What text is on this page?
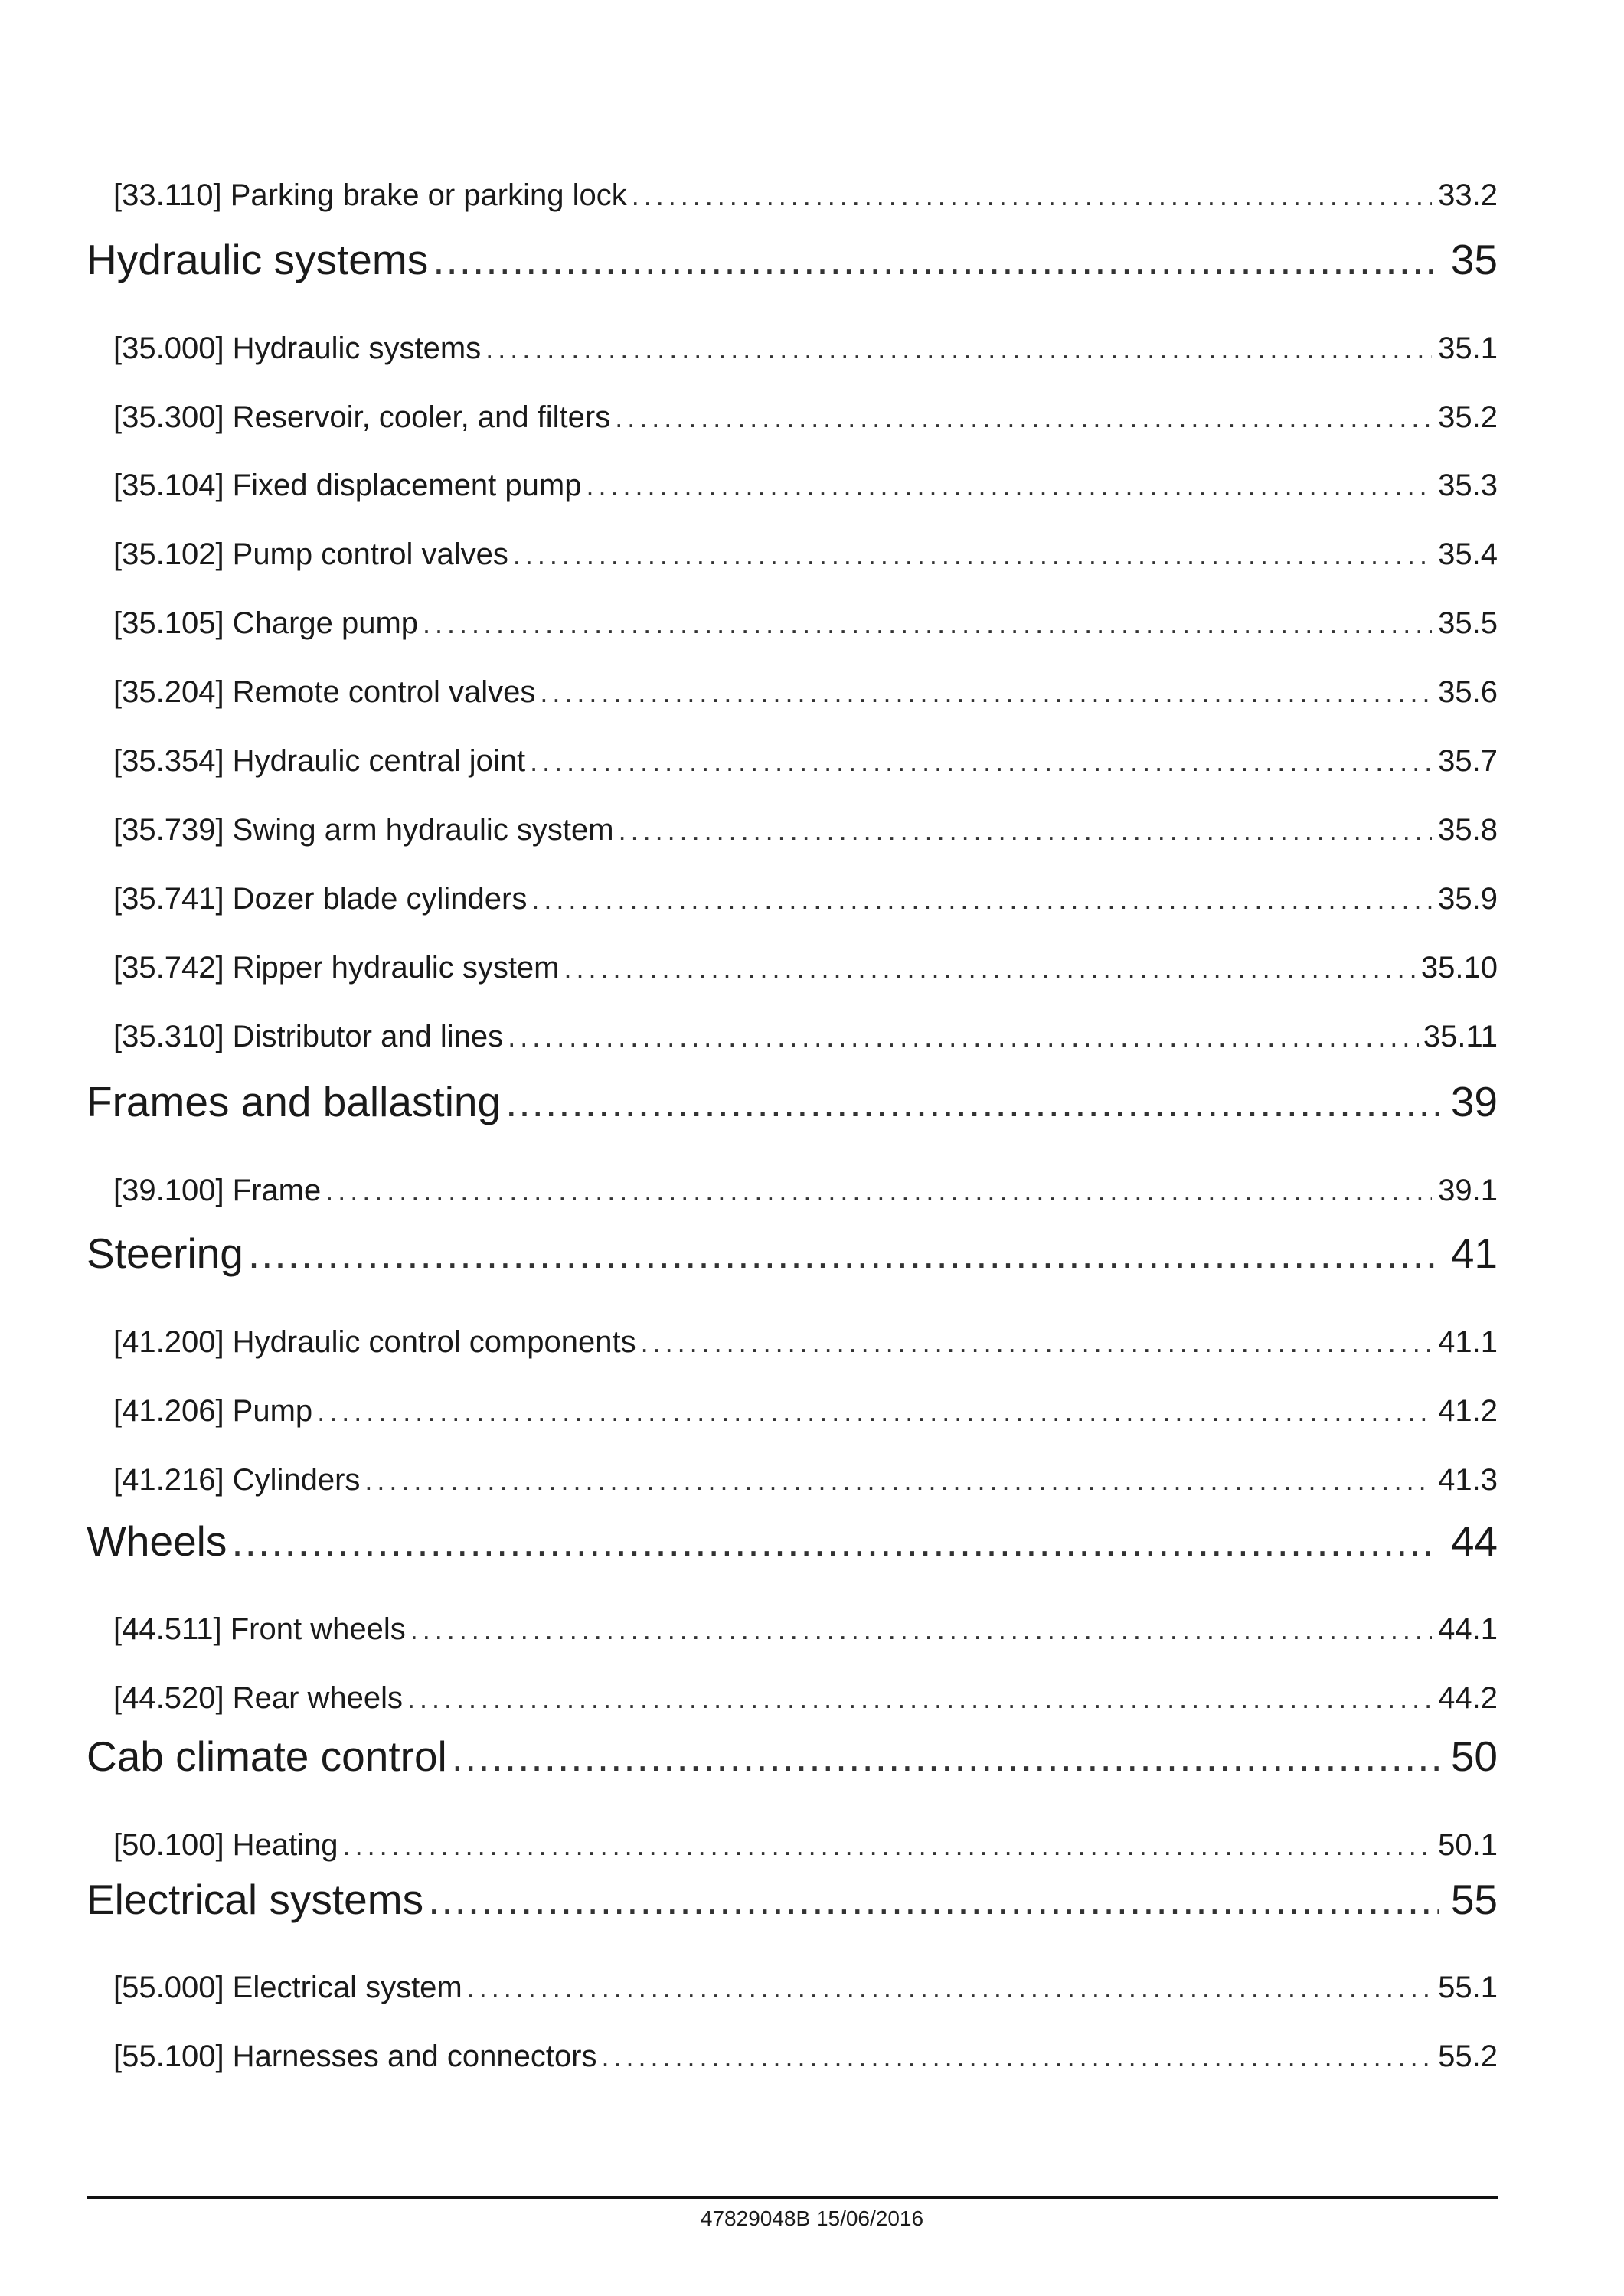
[33.110] Parking brake or parking lock .....	33.2
Hydraulic systems .....	35
[35.000] Hydraulic systems .....	35.1
[35.300] Reservoir, cooler, and filters .....	35.2
[35.104] Fixed displacement pump .....	35.3
[35.102] Pump control valves .....	35.4
[35.105] Charge pump .....	35.5
[35.204] Remote control valves .....	35.6
[35.354] Hydraulic central joint .....	35.7
[35.739] Swing arm hydraulic system .....	35.8
[35.741] Dozer blade cylinders .....	35.9
[35.742] Ripper hydraulic system .....	35.10
[35.310] Distributor and lines .....	35.11
Frames and ballasting .....	39
[39.100] Frame .....	39.1
Steering .....	41
[41.200] Hydraulic control components .....	41.1
[41.206] Pump .....	41.2
[41.216] Cylinders .....	41.3
Wheels .....	44
[44.511] Front wheels .....	44.1
[44.520] Rear wheels .....	44.2
Cab climate control .....	50
[50.100] Heating .....	50.1
Electrical systems .....	55
[55.000] Electrical system .....	55.1
[55.100] Harnesses and connectors .....	55.2
47829048B 15/06/2016
